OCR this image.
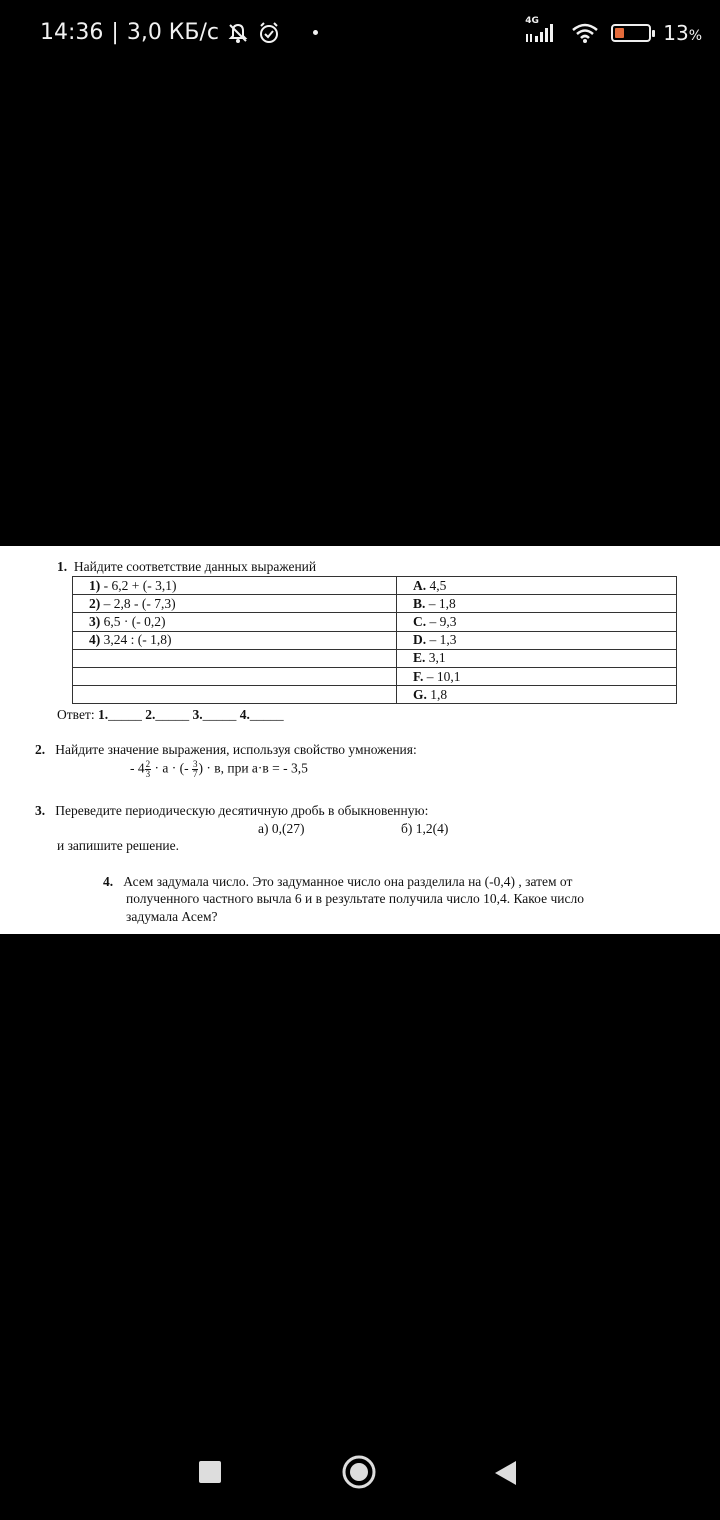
14:36 | 3,0 КБ/с	4G	13%
1. Найдите соответствие данных выражений
1) - 6,2 + (- 3,1)	A. 4,5
2) – 2,8 - (- 7,3)	B. – 1,8
3) 6,5 · (- 0,2)	C. – 9,3
4) 3,24 : (- 1,8)	D. – 1,3
	E. 3,1
	F. – 10,1
	G. 1,8
Ответ: 1._____ 2._____ 3._____ 4._____
2. Найдите значение выражения, используя свойство умножения:
- $4 \frac{2}{3} \cdot a$ · (- $\frac{3}{7}$ ) · в, при a·в = - 3,5
3. Переведите периодическую десятичную дробь в обыкновенную:
а) 0,(27)	б) 1,2(4)
и запишите решение.
4. Асем задумала число. Это задуманное число она разделила на (-0,4) , затем от
полученного частного вычла 6 и в результате получила число 10,4. Какое число
задумала Асем?
